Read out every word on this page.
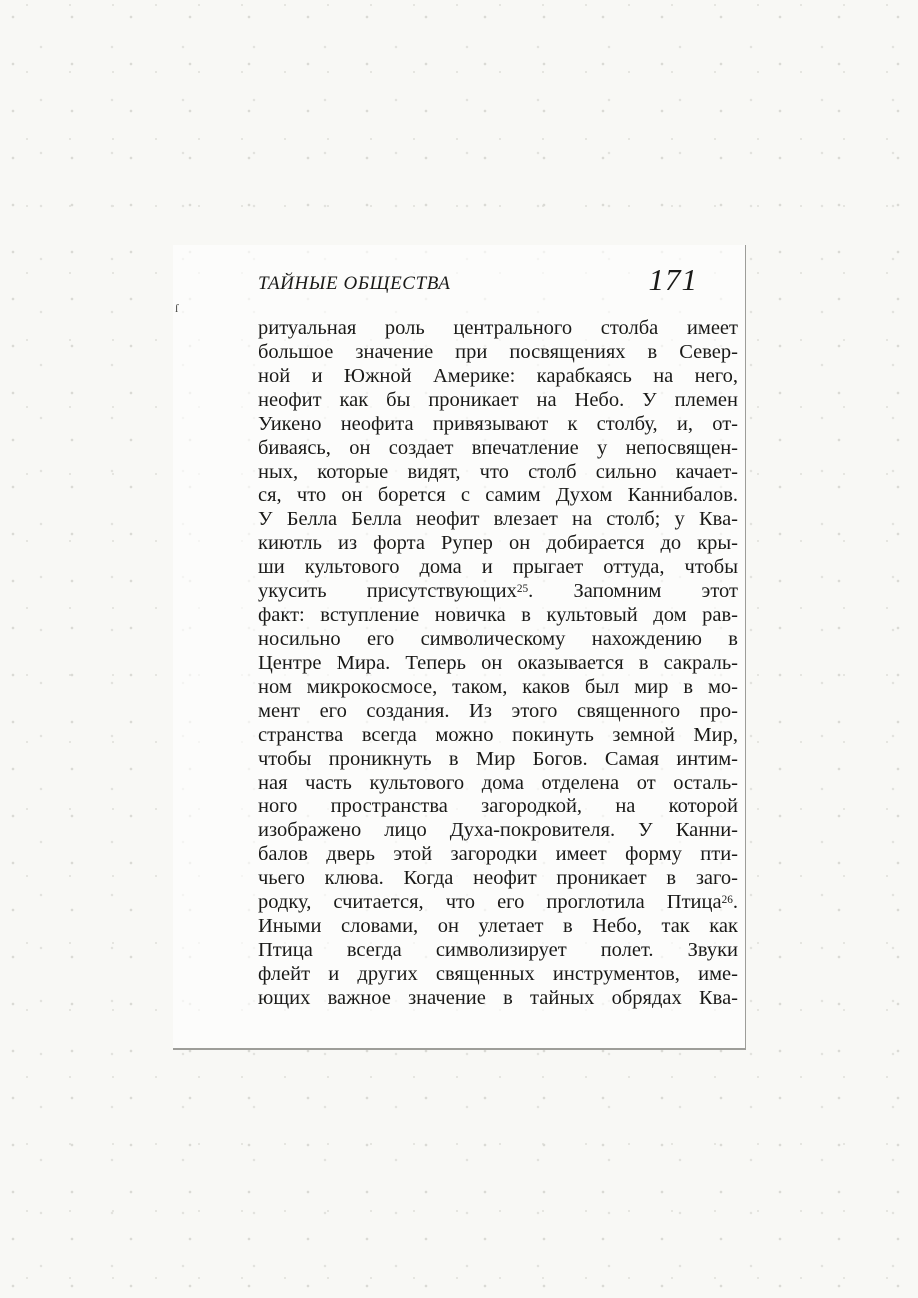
ſ
ТАЙНЫЕ ОБЩЕСТВА	171
ритуальная роль центрального столба имеет
большое значение при посвящениях в Север-
ной и Южной Америке: карабкаясь на него,
неофит как бы проникает на Небо. У племен
Уикено неофита привязывают к столбу, и, от-
биваясь, он создает впечатление у непосвящен-
ных, которые видят, что столб сильно качает-
ся, что он борется с самим Духом Каннибалов.
У Белла Белла неофит влезает на столб; у Ква-
киютль из форта Рупер он добирается до кры-
ши культового дома и прыгает оттуда, чтобы
укусить присутствующих$^{25}$. Запомним этот
факт: вступление новичка в культовый дом рав-
носильно его символическому нахождению в
Центре Мира. Теперь он оказывается в сакраль-
ном микрокосмосе, таком, каков был мир в мо-
мент его создания. Из этого священного про-
странства всегда можно покинуть земной Мир,
чтобы проникнуть в Мир Богов. Самая интим-
ная часть культового дома отделена от осталь-
ного пространства загородкой, на которой
изображено лицо Духа-покровителя. У Канни-
балов дверь этой загородки имеет форму пти-
чьего клюва. Когда неофит проникает в заго-
родку, считается, что его проглотила Птица$^{26}$.
Иными словами, он улетает в Небо, так как
Птица всегда символизирует полет. Звуки
флейт и других священных инструментов, име-
ющих важное значение в тайных обрядах Ква-
